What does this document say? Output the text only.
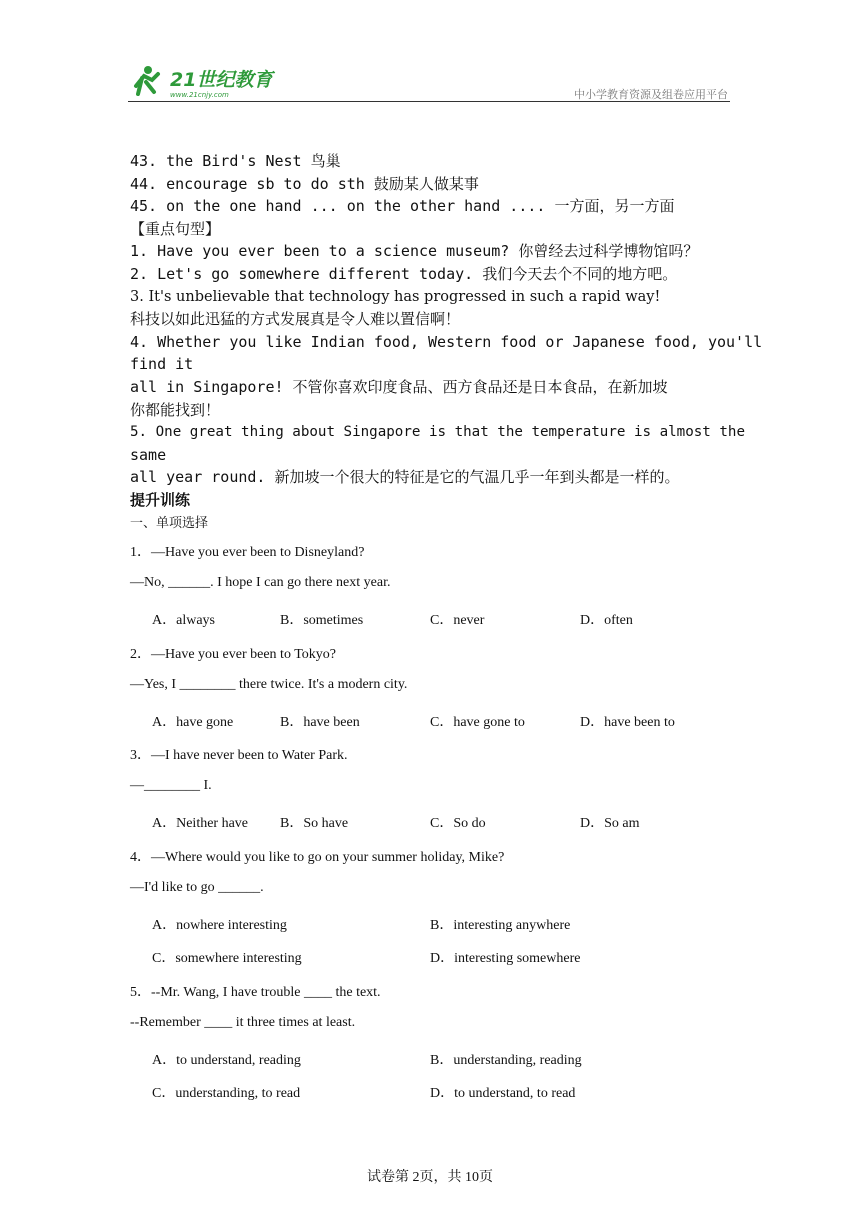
21世纪教育
www.21cnjy.com	中小学教育资源及组卷应用平台
43. the Bird's Nest 鸟巢
44. encourage sb to do sth 鼓励某人做某事
45. on the one hand ... on the other hand .... 一方面，另一方面
【重点句型】
1. Have you ever been to a science museum? 你曾经去过科学博物馆吗？
2. Let's go somewhere different today. 我们今天去个不同的地方吧。
3. It's unbelievable that technology has progressed in such a rapid way!
科技以如此迅猛的方式发展真是令人难以置信啊！
4. Whether you like Indian food, Western food or Japanese food, you'll
find it
all in Singapore! 不管你喜欢印度食品、西方食品还是日本食品，在新加坡
你都能找到！
5. One great thing about Singapore is that the temperature is almost the
same
all year round. 新加坡一个很大的特征是它的气温几乎一年到头都是一样的。
提升训练
一、单项选择
1．—Have you ever been to Disneyland?
—No, ______. I hope I can go there next year.
A．always	B．sometimes	C．never	D．often
2．—Have you ever been to Tokyo?
—Yes, I ________ there twice. It's a modern city.
A．have gone	B．have been	C．have gone to	D．have been to
3．—I have never been to Water Park.
—________ I.
A．Neither have B．So have	C．So do	D．So am
4．—Where would you like to go on your summer holiday, Mike?
—I'd like to go ______.
A．nowhere interesting	B．interesting anywhere
C．somewhere interesting	D．interesting somewhere
5．--Mr. Wang, I have trouble ____ the text.
--Remember ____ it three times at least.
A．to understand, reading	B．understanding, reading
C．understanding, to read	D．to understand, to read
试卷第 2页，共 10页
